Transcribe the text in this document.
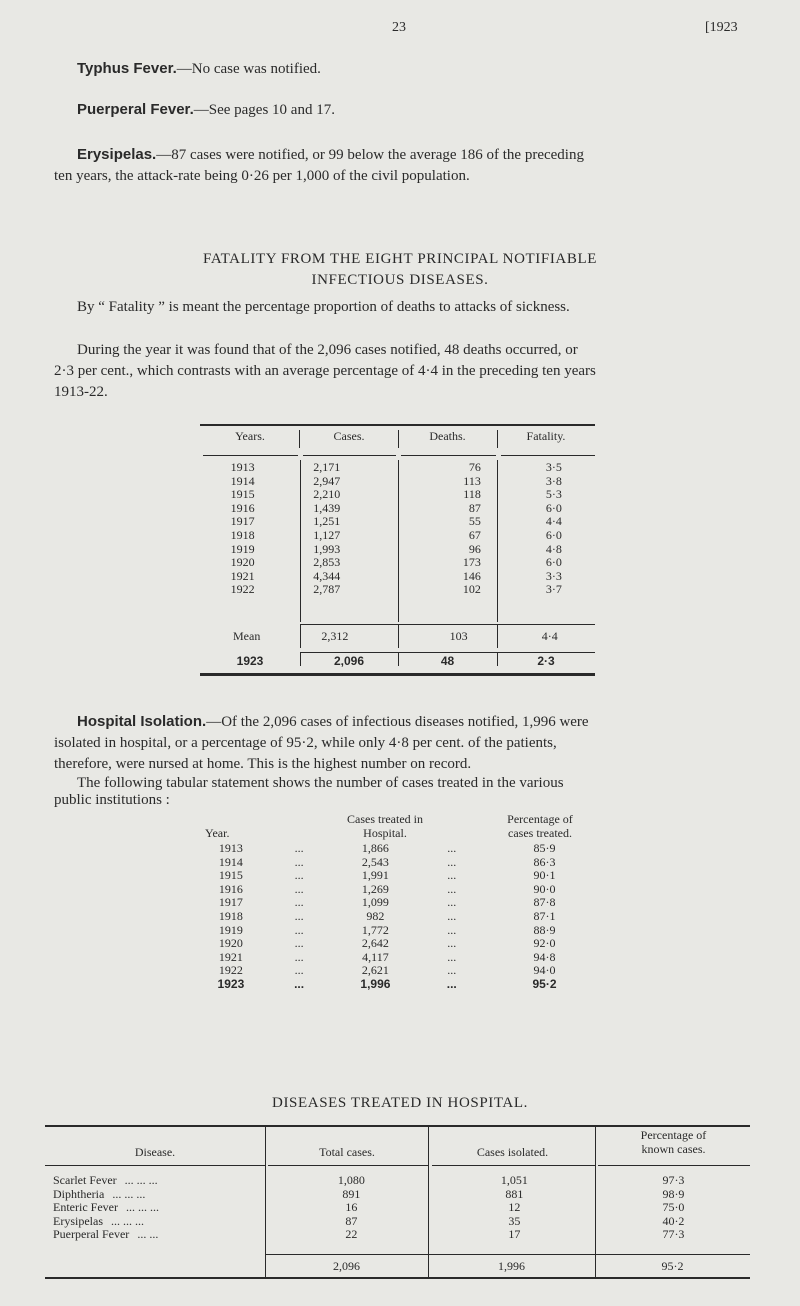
23	[1923
Typhus Fever.—No case was notified.
Puerperal Fever.—See pages 10 and 17.
Erysipelas.—87 cases were notified, or 99 below the average 186 of the preceding
ten years, the attack-rate being 0·26 per 1,000 of the civil population.
FATALITY FROM THE EIGHT PRINCIPAL NOTIFIABLE
INFECTIOUS DISEASES.
By “ Fatality ” is meant the percentage proportion of deaths to attacks of sickness.
During the year it was found that of the 2,096 cases notified, 48 deaths occurred, or
2·3 per cent., which contrasts with an average percentage of 4·4 in the preceding ten years
1913-22.
Years.	Cases.	Deaths.	Fatality.
1913	2,171	76	3·5
1914	2,947	113	3·8
1915	2,210	118	5·3
1916	1,439	87	6·0
1917	1,251	55	4·4
1918	1,127	67	6·0
1919	1,993	96	4·8
1920	2,853	173	6·0
1921	4,344	146	3·3
1922	2,787	102	3·7
Mean	2,312	103	4·4
1923	2,096	48	2·3
Hospital Isolation.—Of the 2,096 cases of infectious diseases notified, 1,996 were
isolated in hospital, or a percentage of 95·2, while only 4·8 per cent. of the patients,
therefore, were nursed at home. This is the highest number on record.
The following tabular statement shows the number of cases treated in the various
public institutions :
Cases treated in
Hospital.
Percentage of
cases treated.
Year.
1913	...	1,866	...	85·9
1914	...	2,543	...	86·3
1915	...	1,991	...	90·1
1916	...	1,269	...	90·0
1917	...	1,099	...	87·8
1918	...	982	...	87·1
1919	...	1,772	...	88·9
1920	...	2,642	...	92·0
1921	...	4,117	...	94·8
1922	...	2,621	...	94·0
1923	...	1,996	...	95·2
DISEASES TREATED IN HOSPITAL.
Disease.	Total cases.	Cases isolated.
Percentage of
known cases.
Scarlet Fever ... ... ...	1,080	1,051	97·3
Diphtheria ... ... ...	891	881	98·9
Enteric Fever ... ... ...	16	12	75·0
Erysipelas ... ... ...	87	35	40·2
Puerperal Fever ... ...	22	17	77·3
	2,096	1,996	95·2
